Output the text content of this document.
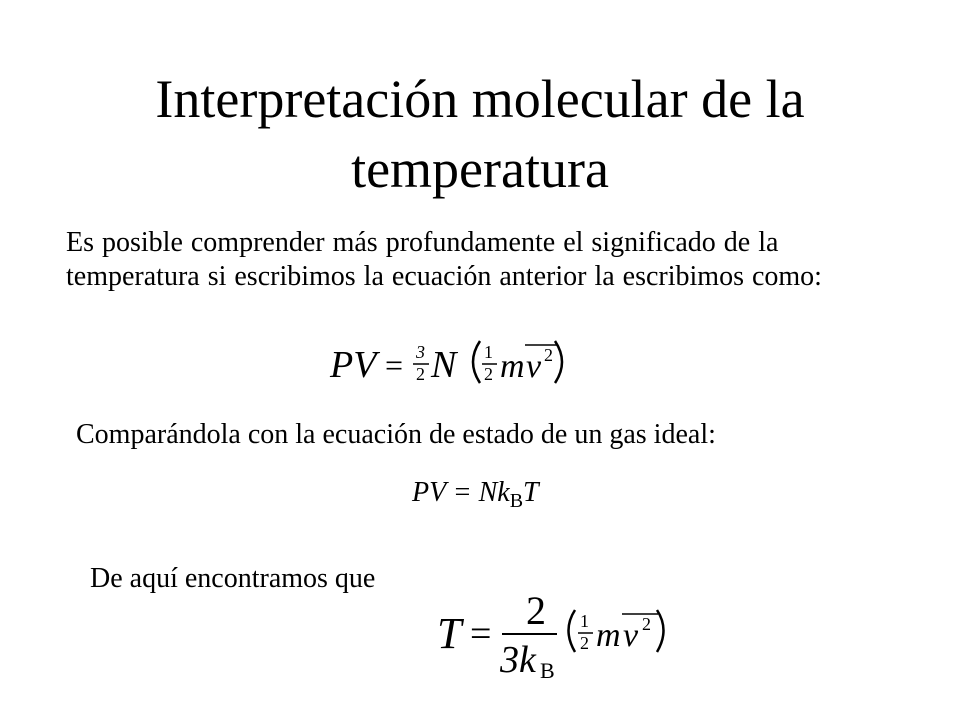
Interpretación molecular de la
temperatura

Es posible comprender más profundamente el significado de la temperatura si escribimos la ecuación anterior la escribimos como:

PV = 3
2 N 1
2 m v 2

Comparándola con la ecuación de estado de un gas ideal:

PV = $Nk_BT$

De aquí encontramos que

T =
2
3k B
1
2 m v 2
